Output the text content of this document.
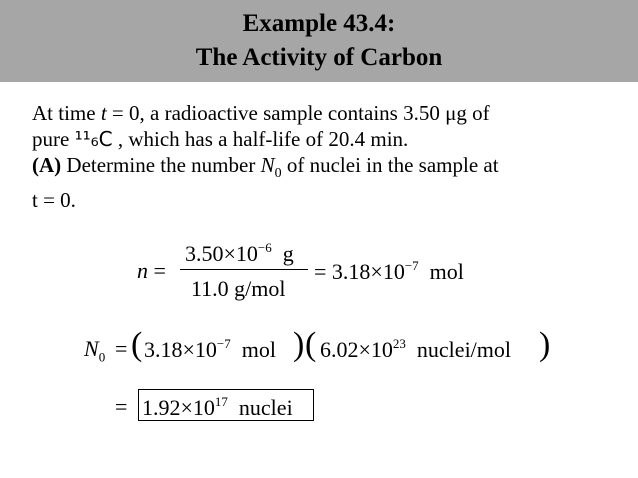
Example 43.4:
The Activity of Carbon
At time t = 0, a radioactive sample contains 3.50 μg of
pure ¹¹₆C , which has a half-life of 20.4 min.
(A) Determine the number $N_0$ of nuclei in the sample at
t = 0.
n =
$3.50\times 10^{-6}$ g
11.0 g/mol
= $3.18\times 10^{-7}$ mol
$N_0$ = ( $3.18\times 10^{-7}$ mol ) ( $6.02\times 10^{23}$ nuclei/mol )
= $1.92\times 10^{17}$ nuclei
